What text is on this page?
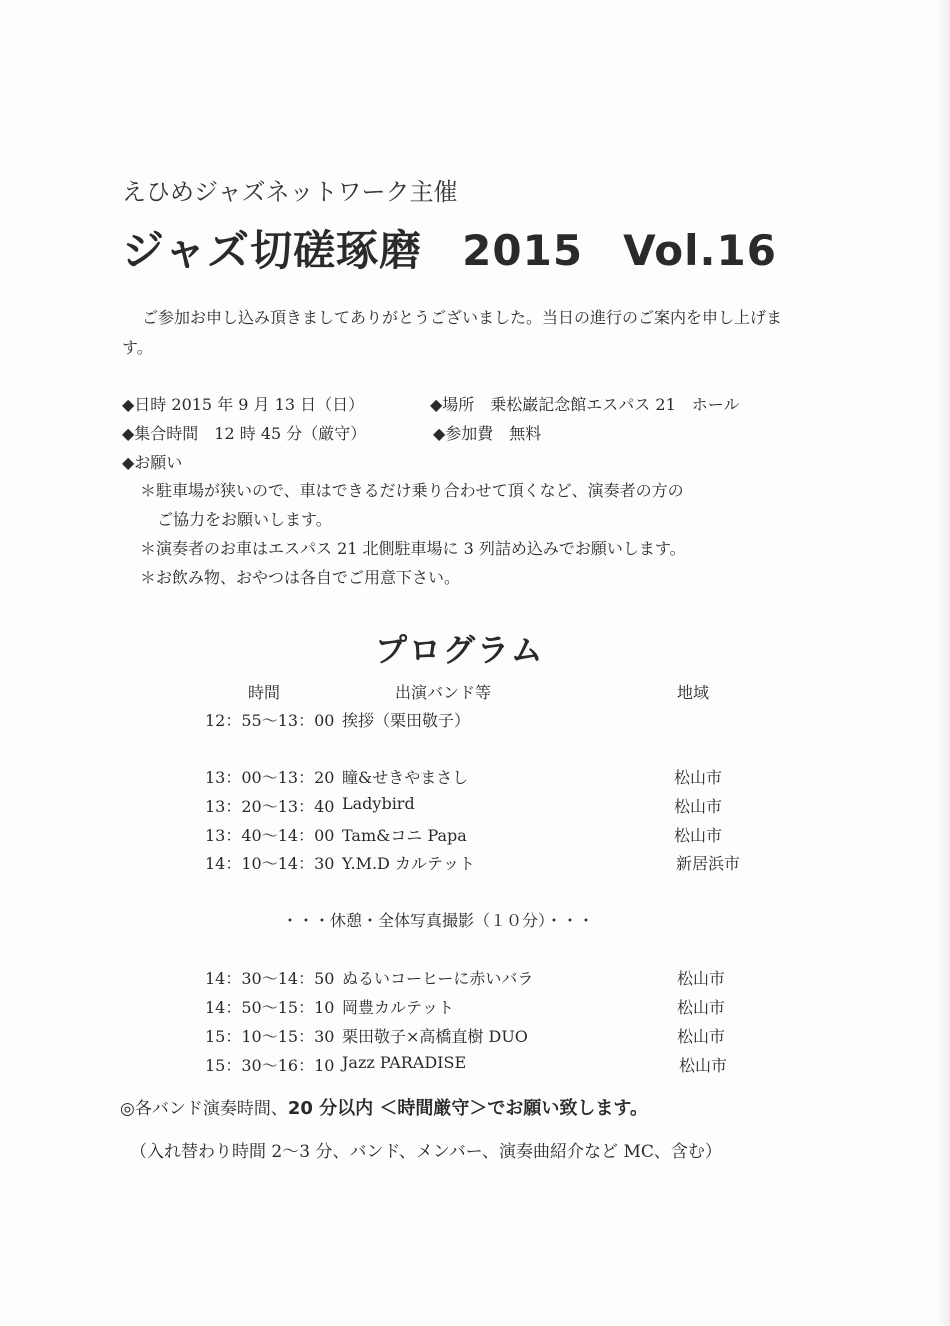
えひめジャズネットワーク主催
ジャズ切磋琢磨 2015 Vol.16
ご参加お申し込み頂きましてありがとうございました。当日の進行のご案内を申し上げます。
◆日時 2015 年 9 月 13 日（日）	◆場所　乗松巌記念館エスパス 21　ホール
◆集合時間　12 時 45 分（厳守）	◆参加費　無料
◆お願い
＊駐車場が狭いので、車はできるだけ乗り合わせて頂くなど、演奏者の方の
ご協力をお願いします。
＊演奏者のお車はエスパス 21 北側駐車場に 3 列詰め込みでお願いします。
＊お飲み物、おやつは各自でご用意下さい。
プログラム
時間	出演バンド等	地域
12：55〜13：00 挨拶（栗田敬子）
13：00〜13：20 瞳&せきやまさし	松山市
13：20〜13：40 Ladybird	松山市
13：40〜14：00 Tam&コニ Papa	松山市
14：10〜14：30 Y.M.D カルテット	新居浜市
・・・休憩・全体写真撮影（１０分）・・・
14：30〜14：50 ぬるいコーヒーに赤いバラ	松山市
14：50〜15：10 岡豊カルテット	松山市
15：10〜15：30 栗田敬子×高橋直樹 DUO	松山市
15：30〜16：10 Jazz PARADISE	松山市
◎各バンド演奏時間、20 分以内 ＜時間厳守＞でお願い致します。
（入れ替わり時間 2〜3 分、バンド、メンバー、演奏曲紹介など MC、含む）
